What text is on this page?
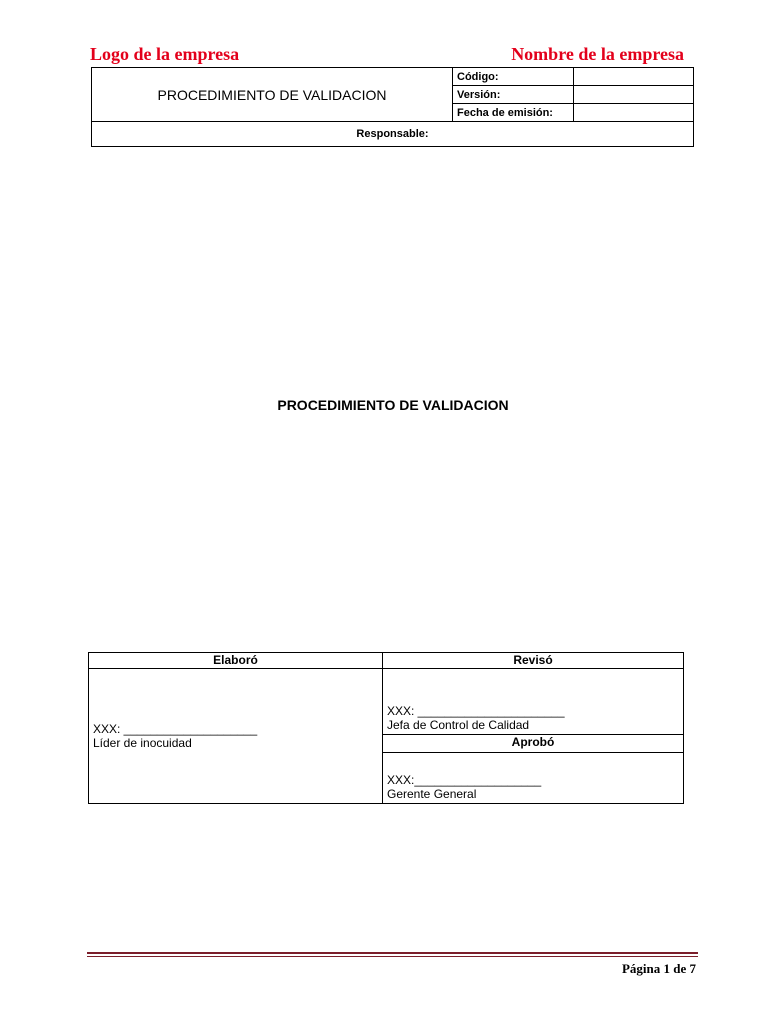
Logo de la empresa	Nombre de la empresa
PROCEDIMIENTO DE VALIDACION	Código:	
	Versión:	
	Fecha de emisión:	
Responsable:		
PROCEDIMIENTO DE VALIDACION
Elaboró	Revisó

XXX: ____________________
Líder de inocuidad	XXX: ______________________
Jefa de Control de Calidad

	Aprobó

	XXX:___________________
Gerente General
Página 1 de 7
